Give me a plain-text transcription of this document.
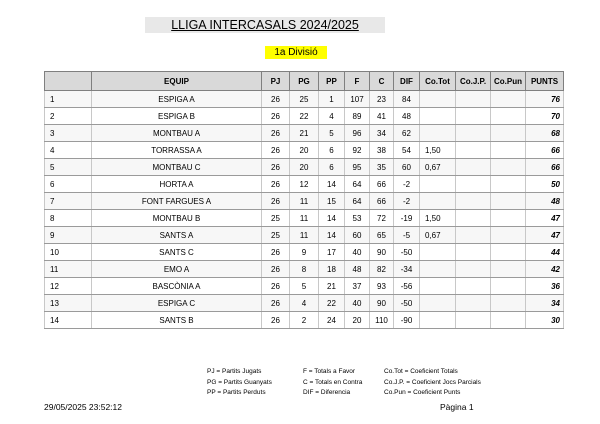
LLIGA INTERCASALS 2024/2025
1a Divisió
	EQUIP	PJ	PG	PP	F	C	DIF	Co.Tot	Co.J.P.	Co.Pun	PUNTS
1	ESPIGA A	26	25	1	107	23	84				76
2	ESPIGA B	26	22	4	89	41	48				70
3	MONTBAU A	26	21	5	96	34	62				68
4	TORRASSA A	26	20	6	92	38	54	1,50			66
5	MONTBAU C	26	20	6	95	35	60	0,67			66
6	HORTA A	26	12	14	64	66	-2				50
7	FONT FARGUES A	26	11	15	64	66	-2				48
8	MONTBAU B	25	11	14	53	72	-19	1,50			47
9	SANTS A	25	11	14	60	65	-5	0,67			47
10	SANTS C	26	9	17	40	90	-50				44
11	EMO A	26	8	18	48	82	-34				42
12	BASCÒNIA A	26	5	21	37	93	-56				36
13	ESPIGA C	26	4	22	40	90	-50				34
14	SANTS B	26	2	24	20	110	-90				30
PJ = Partits Jugats
PG = Partits Guanyats
PP = Partits Perduts
F = Totals a Favor
C = Totals en Contra
DIF = Diferencia
Co.Tot = Coeficient Totals
Co.J.P. = Coeficient Jocs Parcials
Co.Pun = Coeficient Punts
29/05/2025 23:52:12	Pàgina 1
